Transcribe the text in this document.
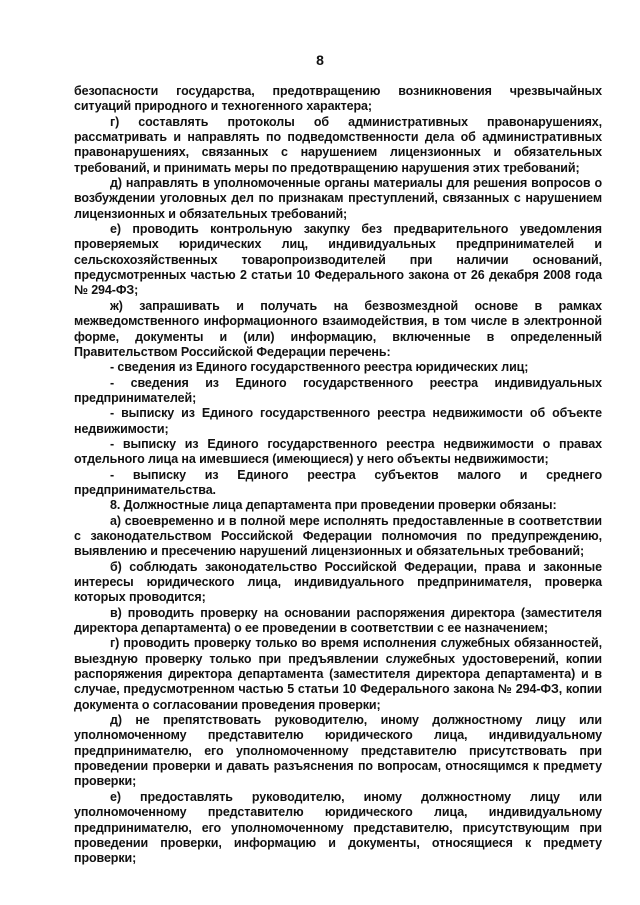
8

безопасности государства, предотвращению возникновения чрезвычайных ситуаций природного и техногенного характера;

г) составлять протоколы об административных правонарушениях, рассматривать и направлять по подведомственности дела об административных правонарушениях, связанных с нарушением лицензионных и обязательных требований, и принимать меры по предотвращению нарушения этих требований;

д) направлять в уполномоченные органы материалы для решения вопросов о возбуждении уголовных дел по признакам преступлений, связанных с нарушением лицензионных и обязательных требований;

е) проводить контрольную закупку без предварительного уведомления проверяемых юридических лиц, индивидуальных предпринимателей и сельскохозяйственных товаропроизводителей при наличии оснований, предусмотренных частью 2 статьи 10 Федерального закона от 26 декабря 2008 года № 294-ФЗ;

ж) запрашивать и получать на безвозмездной основе в рамках межведомственного информационного взаимодействия, в том числе в электронной форме, документы и (или) информацию, включенные в определенный Правительством Российской Федерации перечень:

- сведения из Единого государственного реестра юридических лиц;

- сведения из Единого государственного реестра индивидуальных предпринимателей;

- выписку из Единого государственного реестра недвижимости об объекте недвижимости;

- выписку из Единого государственного реестра недвижимости о правах отдельного лица на имевшиеся (имеющиеся) у него объекты недвижимости;

- выписку из Единого реестра субъектов малого и среднего предпринимательства.

8. Должностные лица департамента при проведении проверки обязаны:

а) своевременно и в полной мере исполнять предоставленные в соответствии с законодательством Российской Федерации полномочия по предупреждению, выявлению и пресечению нарушений лицензионных и обязательных требований;

б) соблюдать законодательство Российской Федерации, права и законные интересы юридического лица, индивидуального предпринимателя, проверка которых проводится;

в) проводить проверку на основании распоряжения директора (заместителя директора департамента) о ее проведении в соответствии с ее назначением;

г) проводить проверку только во время исполнения служебных обязанностей, выездную проверку только при предъявлении служебных удостоверений, копии распоряжения директора департамента (заместителя директора департамента) и в случае, предусмотренном частью 5 статьи 10 Федерального закона № 294-ФЗ, копии документа о согласовании проведения проверки;

д) не препятствовать руководителю, иному должностному лицу или уполномоченному представителю юридического лица, индивидуальному предпринимателю, его уполномоченному представителю присутствовать при проведении проверки и давать разъяснения по вопросам, относящимся к предмету проверки;

е) предоставлять руководителю, иному должностному лицу или уполномоченному представителю юридического лица, индивидуальному предпринимателю, его уполномоченному представителю, присутствующим при проведении проверки, информацию и документы, относящиеся к предмету проверки;
